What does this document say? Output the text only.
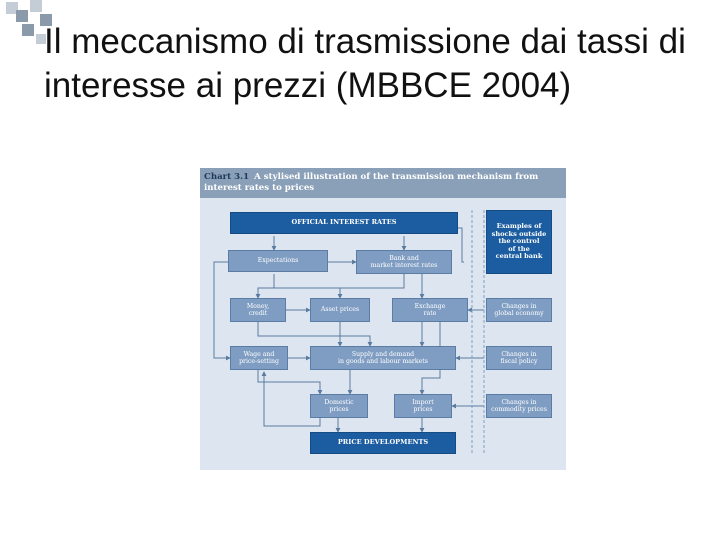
Il meccanismo di trasmissione dai tassi di interesse ai prezzi (MBBCE 2004)
Chart 3.1 A stylised illustration of the transmission mechanism from interest rates to prices
OFFICIAL INTEREST RATES	Examples of
shocks outside
the control
of the
central bank
Expectations	Bank and
market interest rates
Money,
credit
Asset prices
Exchange
rate
Changes in
global economy
Wage and
price-setting
Supply and demand
in goods and labour markets
Changes in
fiscal policy
Domestic
prices
Import
prices
Changes in
commodity prices
PRICE DEVELOPMENTS
